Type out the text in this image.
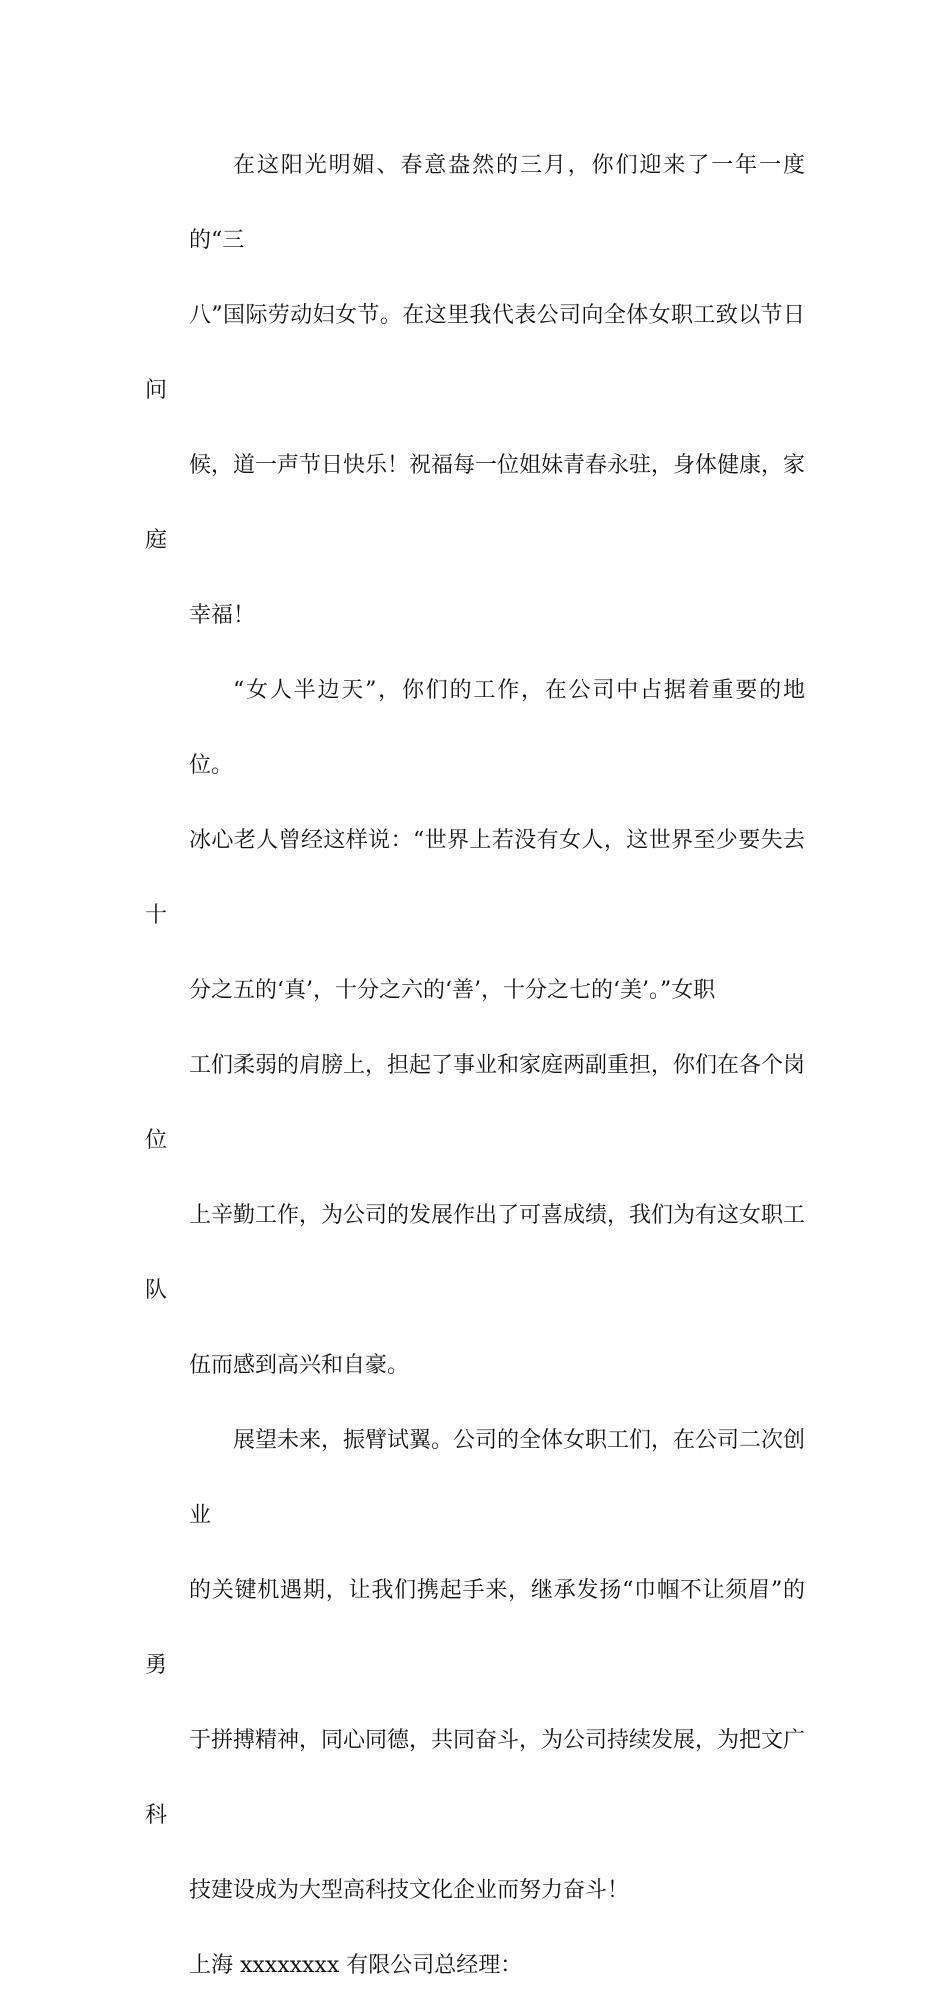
在这阳光明媚、春意盎然的三月，你们迎来了一年一度的“三
八”国际劳动妇女节。在这里我代表公司向全体女职工致以节日问
候，道一声节日快乐！祝福每一位姐妹青春永驻，身体健康，家庭
幸福！

“女人半边天”，你们的工作，在公司中占据着重要的地位。
冰心老人曾经这样说：“世界上若没有女人，这世界至少要失去十
分之五的‘真’，十分之六的‘善’，十分之七的‘美’。”女职
工们柔弱的肩膀上，担起了事业和家庭两副重担，你们在各个岗位
上辛勤工作，为公司的发展作出了可喜成绩，我们为有这女职工队
伍而感到高兴和自豪。

展望未来，振臂试翼。公司的全体女职工们，在公司二次创业
的关键机遇期，让我们携起手来，继承发扬“巾帼不让须眉”的勇
于拼搏精神，同心同德，共同奋斗，为公司持续发展，为把文广科
技建设成为大型高科技文化企业而努力奋斗！

上海 xxxxxxxx 有限公司总经理：
